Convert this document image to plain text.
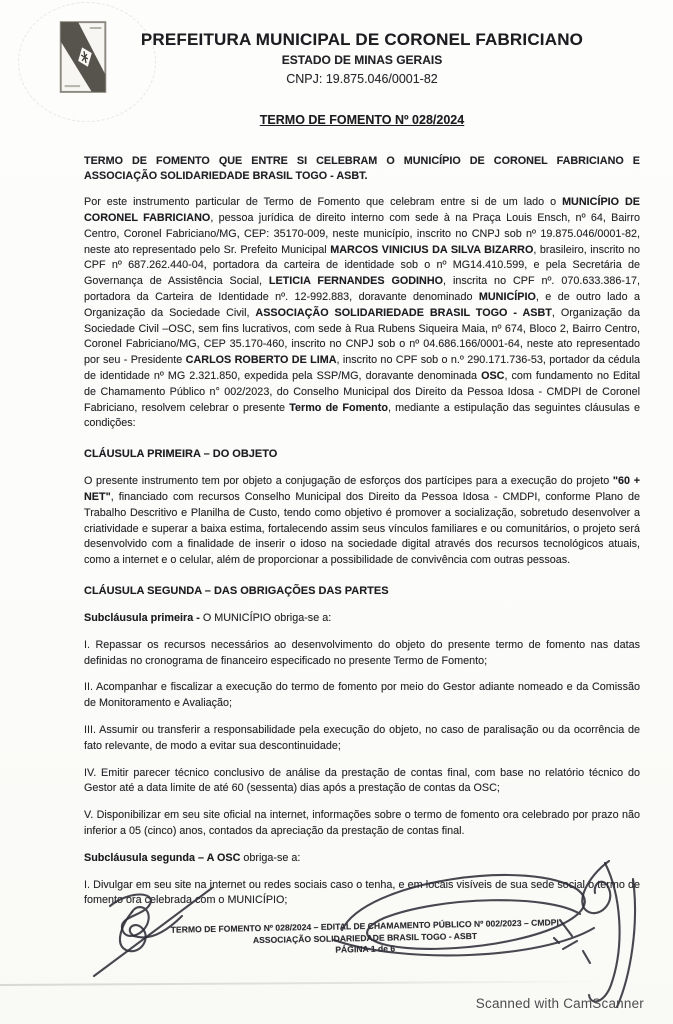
PREFEITURA MUNICIPAL DE CORONEL FABRICIANO
ESTADO DE MINAS GERAIS
CNPJ: 19.875.046/0001-82
TERMO DE FOMENTO Nº 028/2024

TERMO DE FOMENTO QUE ENTRE SI CELEBRAM O MUNICÍPIO DE CORONEL FABRICIANO E ASSOCIAÇÃO SOLIDARIEDADE BRASIL TOGO - ASBT.

Por este instrumento particular de Termo de Fomento que celebram entre si de um lado o MUNICÍPIO DE CORONEL FABRICIANO, pessoa jurídica de direito interno com sede à na Praça Louis Ensch, nº 64, Bairro Centro, Coronel Fabriciano/MG, CEP: 35170-009, neste município, inscrito no CNPJ sob nº 19.875.046/0001-82, neste ato representado pelo Sr. Prefeito Municipal MARCOS VINICIUS DA SILVA BIZARRO, brasileiro, inscrito no CPF nº 687.262.440-04, portadora da carteira de identidade sob o nº MG14.410.599, e pela Secretária de Governança de Assistência Social, LETICIA FERNANDES GODINHO, inscrita no CPF nº. 070.633.386-17, portadora da Carteira de Identidade nº. 12-992.883, doravante denominado MUNICÍPIO, e de outro lado a Organização da Sociedade Civil, ASSOCIAÇÃO SOLIDARIEDADE BRASIL TOGO - ASBT, Organização da Sociedade Civil –OSC, sem fins lucrativos, com sede à Rua Rubens Siqueira Maia, nº 674, Bloco 2, Bairro Centro, Coronel Fabriciano/MG, CEP 35.170-460, inscrito no CNPJ sob o nº 04.686.166/0001-64, neste ato representado por seu - Presidente CARLOS ROBERTO DE LIMA, inscrito no CPF sob o n.º 290.171.736-53, portador da cédula de identidade nº MG 2.321.850, expedida pela SSP/MG, doravante denominada OSC, com fundamento no Edital de Chamamento Público n° 002/2023, do Conselho Municipal dos Direito da Pessoa Idosa - CMDPI de Coronel Fabriciano, resolvem celebrar o presente Termo de Fomento, mediante a estipulação das seguintes cláusulas e condições:

CLÁUSULA PRIMEIRA – DO OBJETO

O presente instrumento tem por objeto a conjugação de esforços dos partícipes para a execução do projeto "60 + NET", financiado com recursos Conselho Municipal dos Direito da Pessoa Idosa - CMDPI, conforme Plano de Trabalho Descritivo e Planilha de Custo, tendo como objetivo é promover a socialização, sobretudo desenvolver a criatividade e superar a baixa estima, fortalecendo assim seus vínculos familiares e ou comunitários, o projeto será desenvolvido com a finalidade de inserir o idoso na sociedade digital através dos recursos tecnológicos atuais, como a internet e o celular, além de proporcionar a possibilidade de convivência com outras pessoas.

CLÁUSULA SEGUNDA – DAS OBRIGAÇÕES DAS PARTES

Subcláusula primeira - O MUNICÍPIO obriga-se a:

I. Repassar os recursos necessários ao desenvolvimento do objeto do presente termo de fomento nas datas definidas no cronograma de financeiro especificado no presente Termo de Fomento;

II. Acompanhar e fiscalizar a execução do termo de fomento por meio do Gestor adiante nomeado e da Comissão de Monitoramento e Avaliação;

III. Assumir ou transferir a responsabilidade pela execução do objeto, no caso de paralisação ou da ocorrência de fato relevante, de modo a evitar sua descontinuidade;

IV. Emitir parecer técnico conclusivo de análise da prestação de contas final, com base no relatório técnico do Gestor até a data limite de até 60 (sessenta) dias após a prestação de contas da OSC;

V. Disponibilizar em seu site oficial na internet, informações sobre o termo de fomento ora celebrado por prazo não inferior a 05 (cinco) anos, contados da apreciação da prestação de contas final.

Subcláusula segunda – A OSC obriga-se a:

I. Divulgar em seu site na internet ou redes sociais caso o tenha, e em locais visíveis de sua sede social o termo de fomento ora celebrada com o MUNICÍPIO;

TERMO DE FOMENTO Nº 028/2024 – EDITAL DE CHAMAMENTO PÚBLICO Nº 002/2023 – CMDPI
ASSOCIAÇÃO SOLIDARIEDADE BRASIL TOGO - ASBT
PÁGINA 1 de 6
Scanned with CamScanner
